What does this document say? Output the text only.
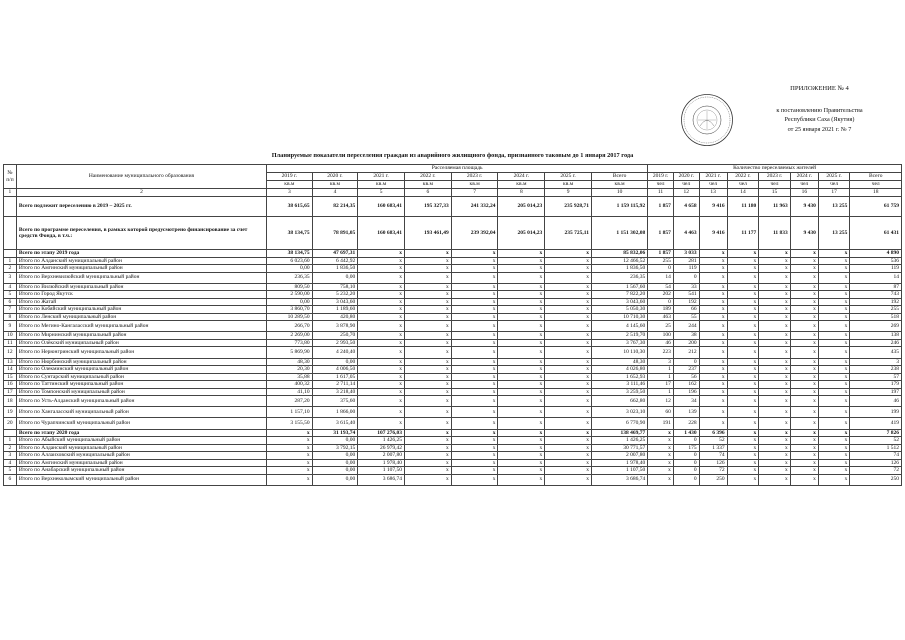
ПРИЛОЖЕНИЕ № 4
к постановлению Правительства
Республики Саха (Якутия)
от 25 января 2021 г. № 7
Планируемые показатели переселения граждан из аварийного жилищного фонда, признанного таковым до 1 января 2017 года
№ п/п	Наименование муниципального образования	Расселяемая площадь								Количество переселяемых жителей							
		2019 г.	2020 г.	2021 г.	2022 г.	2023 г.	2024 г.	2025 г.	Всего	2019 г.	2020 г.	2021 г.	2022 г.	2023 г.	2024 г.	2025 г.	Всего
		кв.м	кв.м	кв.м	кв.м	кв.м	кв.м	кв.м	кв.м	чел	чел	чел	чел	чел	чел	чел	чел
1	2	3	4	5	6	7	8	9	10	11	12	13	14	15	16	17	18
	Всего подлежит переселению в 2019 – 2025 гг.	38 615,65	82 214,35	160 683,41	195 327,33	241 332,24	205 014,23	235 928,71	1 159 115,92	1 857	4 658	9 416	11 180	11 963	9 430	13 255	61 759
	Всего по программе переселения, в рамках которой предусмотрено финансирование за счет средств Фонда, в т.ч.:	38 134,75	78 891,05	160 683,41	193 461,49	239 392,04	205 014,23	235 725,11	1 151 302,08	1 857	4 463	9 416	11 177	11 833	9 430	13 255	61 431
	Всего по этапу 2019 года	38 134,75	47 697,31	x	x	x	x	x	85 832,06	1 857	3 033	x	x	x	x	x	4 890
1	Итого по Алданский муниципальный район	6 023,60	6 442,92	x	x	x	x	x	12 466,52	255	281	x	x	x	x	x	536
2	Итого по Амгинский муниципальный район	0,00	1 836,50	x	x	x	x	x	1 836,50	0	119	x	x	x	x	x	119
3	Итого по Верхневилюйский муниципальный район	236,35	0,00	x	x	x	x	x	236,35	14	0	x	x	x	x	x	14
4	Итого по Вилюйский муниципальный район	809,50	758,10	x	x	x	x	x	1 567,60	54	33	x	x	x	x	x	87
5	Итого по Город Якутск	2 590,00	5 232,20	x	x	x	x	x	7 822,20	202	541	x	x	x	x	x	743
6	Итого по Жатай	0,00	3 043,60	x	x	x	x	x	3 043,60	0	192	x	x	x	x	x	192
7	Итого по Кобяйский муниципальный район	3 860,70	1 189,60	x	x	x	x	x	5 050,30	189	66	x	x	x	x	x	255
8	Итого по Ленский муниципальный район	10 289,50	420,80	x	x	x	x	x	10 710,30	463	55	x	x	x	x	x	518
9	Итого по Мегино-Кангаласский муниципальный район	266,70	3 878,90	x	x	x	x	x	4 145,60	25	244	x	x	x	x	x	269
10	Итого по Мирнинский муниципальный район	2 269,00	250,70	x	x	x	x	x	2 519,70	100	38	x	x	x	x	x	138
11	Итого по Олёкский муниципальный район	773,80	2 993,50	x	x	x	x	x	3 767,30	46	200	x	x	x	x	x	246
12	Итого по Нерюнгринский муниципальный район	5 869,90	4 240,40	x	x	x	x	x	10 110,30	223	212	x	x	x	x	x	435
13	Итого по Нюрбинский муниципальный район	48,30	0,00	x	x	x	x	x	48,30	3	0	x	x	x	x	x	3
14	Итого по Олекминский муниципальный район	20,30	4 006,50	x	x	x	x	x	4 026,80	1	237	x	x	x	x	x	238
15	Итого по Сунтарский муниципальный район	35,88	1 617,05	x	x	x	x	x	1 652,93	1	56	x	x	x	x	x	57
16	Итого по Таттинский муниципальный район	400,32	2 711,14	x	x	x	x	x	3 111,46	17	162	x	x	x	x	x	179
17	Итого по Томпонский муниципальный район	41,10	3 218,40	x	x	x	x	x	3 259,50	1	196	x	x	x	x	x	197
18	Итого по Усть-Алданский муниципальный район	287,20	375,60	x	x	x	x	x	662,80	12	34	x	x	x	x	x	46
19	Итого по Хангаласский муниципальный район	1 157,10	1 866,00	x	x	x	x	x	3 023,10	60	139	x	x	x	x	x	199
20	Итого по Чурапчинский муниципальный район	3 155,50	3 615,40	x	x	x	x	x	6 770,90	191	228	x	x	x	x	x	419
	Всего по этапу 2020 года	x	31 193,74	107 276,03	x	x	x	x	138 469,77	x	1 430	6 396	x	x	x	x	7 826
1	Итого по Абыйский муниципальный район	x	0,00	1 426,25	x	x	x	x	1 426,25	x	0	52	x	x	x	x	52
2	Итого по Алданский муниципальный район	x	3 792,15	26 979,42	x	x	x	x	30 771,57	x	175	1 337	x	x	x	x	1 512
3	Итого по Аллаиховский муниципальный район	x	0,00	2 007,80	x	x	x	x	2 007,80	x	0	74	x	x	x	x	74
4	Итого по Амгинский муниципальный район	x	0,00	1 978,40	x	x	x	x	1 978,40	x	0	126	x	x	x	x	126
5	Итого по Анабарский муниципальный район	x	0,00	1 107,50	x	x	x	x	1 107,50	x	0	72	x	x	x	x	72
6	Итого по Верхнеколымский муниципальный район	x	0,00	3 686,74	x	x	x	x	3 686,74	x	0	250	x	x	x	x	250
